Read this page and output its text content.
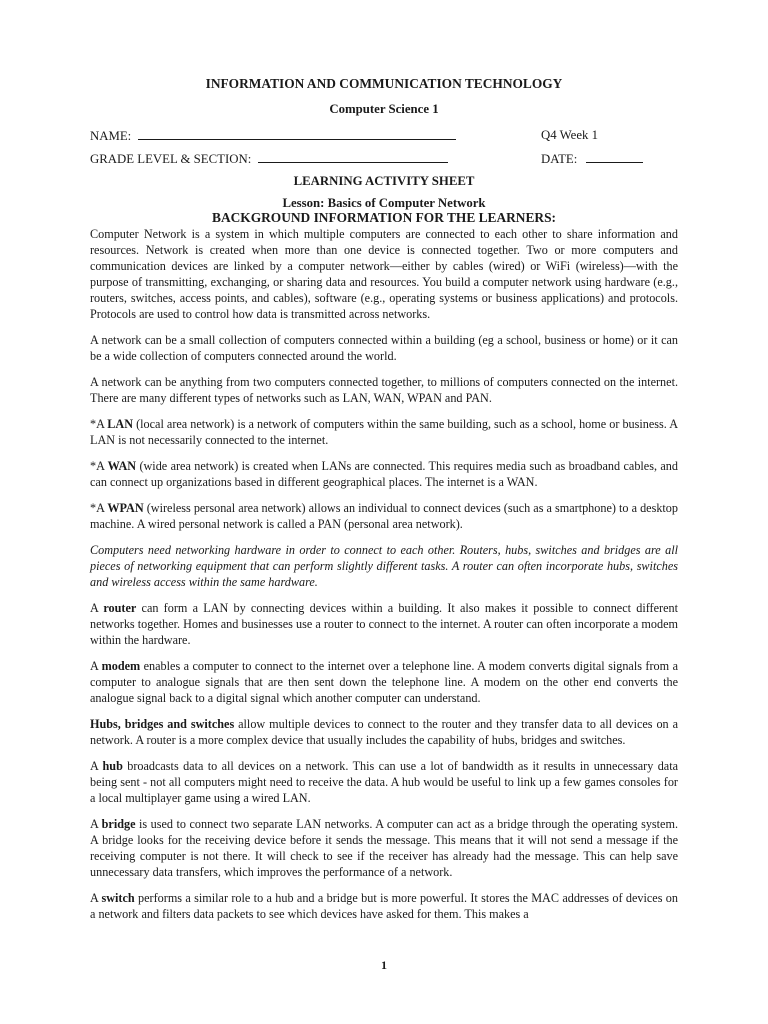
INFORMATION AND COMMUNICATION TECHNOLOGY
Computer Science 1
NAME:	Q4 Week 1
GRADE LEVEL & SECTION:	DATE:
LEARNING ACTIVITY SHEET
Lesson: Basics of Computer Network
BACKGROUND INFORMATION FOR THE LEARNERS:

Computer Network is a system in which multiple computers are connected to each other to share information and resources. Network is created when more than one device is connected together. Two or more computers and communication devices are linked by a computer network—either by cables (wired) or WiFi (wireless)—with the purpose of transmitting, exchanging, or sharing data and resources. You build a computer network using hardware (e.g., routers, switches, access points, and cables), software (e.g., operating systems or business applications) and protocols. Protocols are used to control how data is transmitted across networks.

A network can be a small collection of computers connected within a building (eg a school, business or home) or it can be a wide collection of computers connected around the world.

A network can be anything from two computers connected together, to millions of computers connected on the internet. There are many different types of networks such as LAN, WAN, WPAN and PAN.

*A LAN (local area network) is a network of computers within the same building, such as a school, home or business. A LAN is not necessarily connected to the internet.

*A WAN (wide area network) is created when LANs are connected. This requires media such as broadband cables, and can connect up organizations based in different geographical places. The internet is a WAN.

*A WPAN (wireless personal area network) allows an individual to connect devices (such as a smartphone) to a desktop machine. A wired personal network is called a PAN (personal area network).

Computers need networking hardware in order to connect to each other. Routers, hubs, switches and bridges are all pieces of networking equipment that can perform slightly different tasks. A router can often incorporate hubs, switches and wireless access within the same hardware.

A router can form a LAN by connecting devices within a building. It also makes it possible to connect different networks together. Homes and businesses use a router to connect to the internet. A router can often incorporate a modem within the hardware.

A modem enables a computer to connect to the internet over a telephone line. A modem converts digital signals from a computer to analogue signals that are then sent down the telephone line. A modem on the other end converts the analogue signal back to a digital signal which another computer can understand.

Hubs, bridges and switches allow multiple devices to connect to the router and they transfer data to all devices on a network. A router is a more complex device that usually includes the capability of hubs, bridges and switches.

A hub broadcasts data to all devices on a network. This can use a lot of bandwidth as it results in unnecessary data being sent - not all computers might need to receive the data. A hub would be useful to link up a few games consoles for a local multiplayer game using a wired LAN.

A bridge is used to connect two separate LAN networks. A computer can act as a bridge through the operating system. A bridge looks for the receiving device before it sends the message. This means that it will not send a message if the receiving computer is not there. It will check to see if the receiver has already had the message. This can help save unnecessary data transfers, which improves the performance of a network.

A switch performs a similar role to a hub and a bridge but is more powerful. It stores the MAC addresses of devices on a network and filters data packets to see which devices have asked for them. This makes a

1
